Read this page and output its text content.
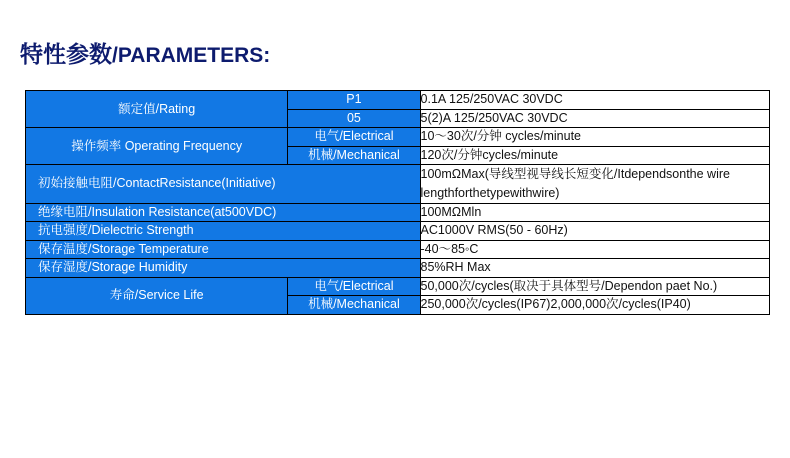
特性参数/PARAMETERS:
额定值/Rating	P1	0.1A 125/250VAC 30VDC
	05	5(2)A 125/250VAC 30VDC
操作频率 Operating Frequency	电气/Electrical	10～30次/分钟 cycles/minute
	机械/Mechanical	120次/分钟cycles/minute
初始接触电阻/ContactResistance(Initiative)		100mΩMax(导线型视导线长短变化/Itdependsonthe wire lengthforthetypewithwire)
绝缘电阻/Insulation Resistance(at500VDC)		100MΩMln
抗电强度/Dielectric Strength		AC1000V RMS(50 - 60Hz)
保存温度/Storage Temperature		-40～85◦C
保存湿度/Storage Humidity		85%RH Max
寿命/Service Life	电气/Electrical	50,000次/cycles(取决于具体型号/Dependon paet No.)
	机械/Mechanical	250,000次/cycles(IP67)2,000,000次/cycles(IP40)
